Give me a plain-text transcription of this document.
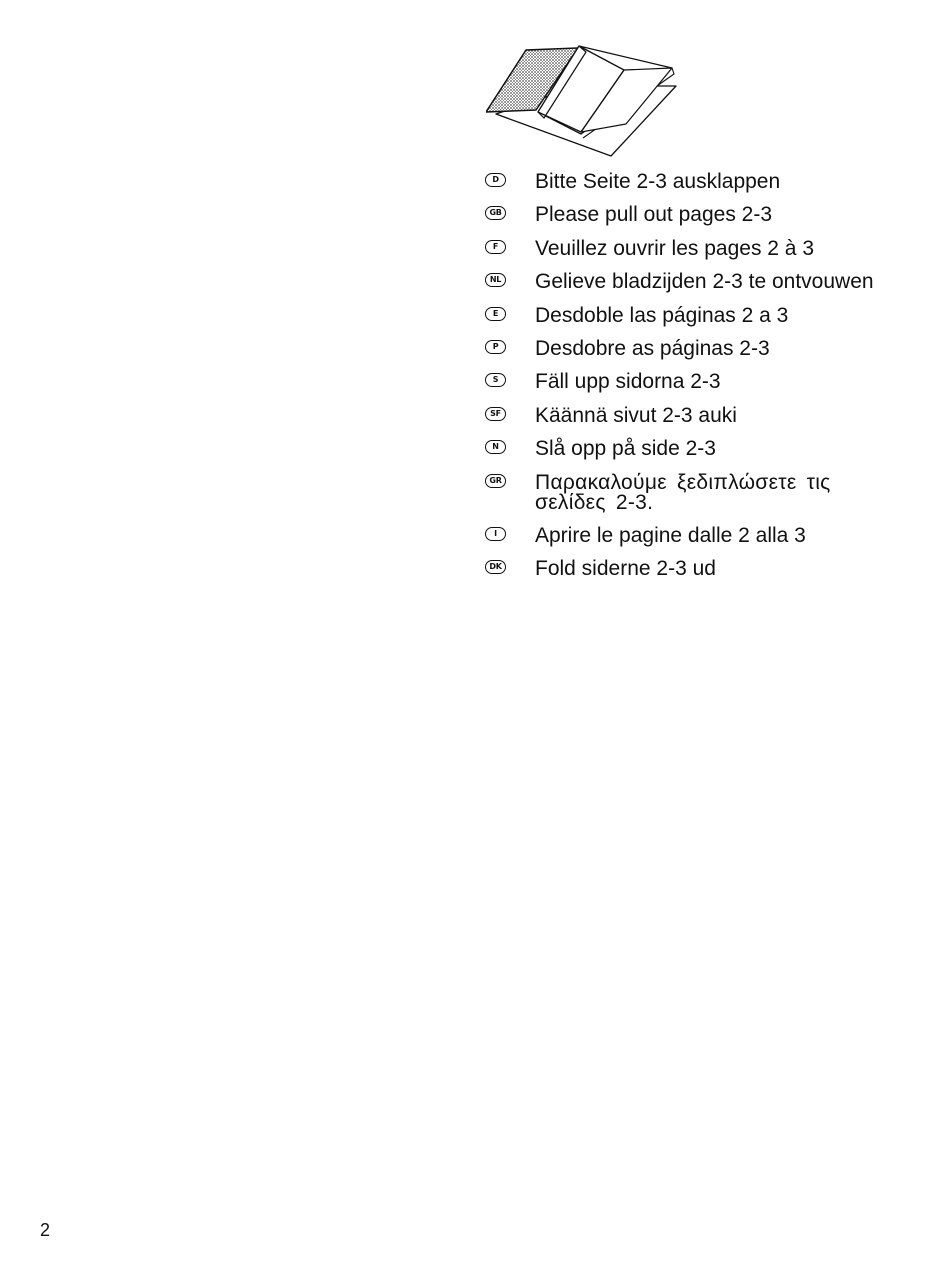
D	Bitte Seite 2-3 ausklappen
GB Please pull out pages 2-3
F	Veuillez ouvrir les pages 2 à 3
NL Gelieve bladzijden 2-3 te ontvouwen
E	Desdoble las páginas 2 a 3
P	Desdobre as páginas 2-3
S	Fäll upp sidorna 2-3
SF Käännä sivut 2-3 auki
N	Slå opp på side 2-3
GR Παρακαλούμε ξεδιπλώσετε τις σελίδες 2-3.
I	Aprire le pagine dalle 2 alla 3
DK Fold siderne 2-3 ud
2
